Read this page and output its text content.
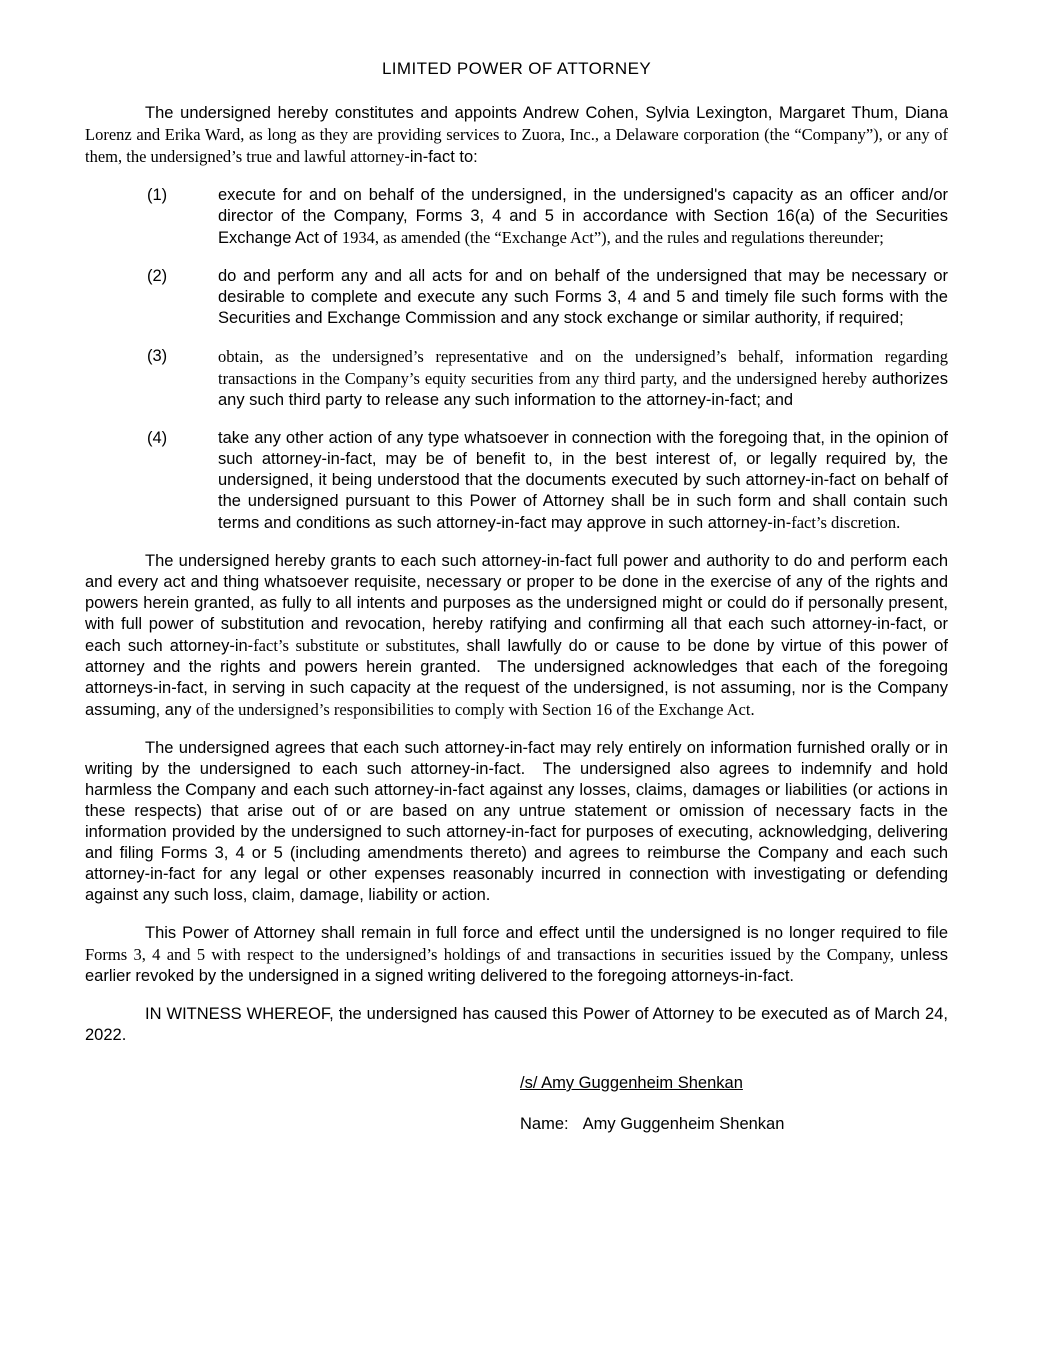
LIMITED POWER OF ATTORNEY

The undersigned hereby constitutes and appoints Andrew Cohen, Sylvia Lexington, Margaret Thum, Diana Lorenz and Erika Ward, as long as they are providing services to Zuora, Inc., a Delaware corporation (the “Company”), or any of them, the undersigned’s true and lawful attorney-in-fact to:

(1)	execute for and on behalf of the undersigned, in the undersigned's capacity as an officer and/or director of the Company, Forms 3, 4 and 5 in accordance with Section 16(a) of the Securities Exchange Act of 1934, as amended (the “Exchange Act”), and the rules and regulations thereunder;

(2)	do and perform any and all acts for and on behalf of the undersigned that may be necessary or desirable to complete and execute any such Forms 3, 4 and 5 and timely file such forms with the Securities and Exchange Commission and any stock exchange or similar authority, if required;

(3)	obtain, as the undersigned’s representative and on the undersigned’s behalf, information regarding transactions in the Company’s equity securities from any third party, and the undersigned hereby authorizes any such third party to release any such information to the attorney-in-fact; and

(4)	take any other action of any type whatsoever in connection with the foregoing that, in the opinion of such attorney-in-fact, may be of benefit to, in the best interest of, or legally required by, the undersigned, it being understood that the documents executed by such attorney-in-fact on behalf of the undersigned pursuant to this Power of Attorney shall be in such form and shall contain such terms and conditions as such attorney-in-fact may approve in such attorney-in-fact’s discretion.

The undersigned hereby grants to each such attorney-in-fact full power and authority to do and perform each and every act and thing whatsoever requisite, necessary or proper to be done in the exercise of any of the rights and powers herein granted, as fully to all intents and purposes as the undersigned might or could do if personally present, with full power of substitution and revocation, hereby ratifying and confirming all that each such attorney-in-fact, or each such attorney-in-fact’s substitute or substitutes, shall lawfully do or cause to be done by virtue of this power of attorney and the rights and powers herein granted.  The undersigned acknowledges that each of the foregoing attorneys-in-fact, in serving in such capacity at the request of the undersigned, is not assuming, nor is the Company assuming, any of the undersigned’s responsibilities to comply with Section 16 of the Exchange Act.

The undersigned agrees that each such attorney-in-fact may rely entirely on information furnished orally or in writing by the undersigned to each such attorney-in-fact.  The undersigned also agrees to indemnify and hold harmless the Company and each such attorney-in-fact against any losses, claims, damages or liabilities (or actions in these respects) that arise out of or are based on any untrue statement or omission of necessary facts in the information provided by the undersigned to such attorney-in-fact for purposes of executing, acknowledging, delivering and filing Forms 3, 4 or 5 (including amendments thereto) and agrees to reimburse the Company and each such attorney-in-fact for any legal or other expenses reasonably incurred in connection with investigating or defending against any such loss, claim, damage, liability or action.

This Power of Attorney shall remain in full force and effect until the undersigned is no longer required to file Forms 3, 4 and 5 with respect to the undersigned’s holdings of and transactions in securities issued by the Company, unless earlier revoked by the undersigned in a signed writing delivered to the foregoing attorneys-in-fact.

IN WITNESS WHEREOF, the undersigned has caused this Power of Attorney to be executed as of March 24, 2022.

/s/ Amy Guggenheim Shenkan
Name: Amy Guggenheim Shenkan
